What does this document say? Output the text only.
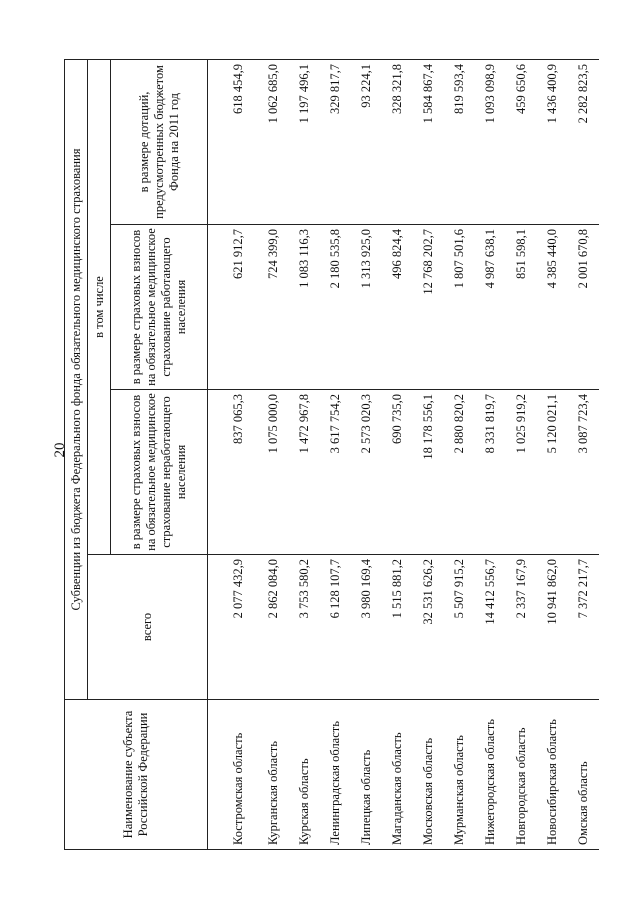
20
Наименование субъекта Российской Федерации	Субвенции из бюджета Федерального фонда обязательного медицинского страхования			
	всего	в том числе		
		в размере страховых взносов на обязательное медицинское страхование неработающего населения	в размере страховых взносов на обязательное медицинское страхование работающего населения	в размере дотаций, предусмотренных бюджетом Фонда на 2011 год
Костромская область	2 077 432,9	837 065,3	621 912,7	618 454,9
Курганская область	2 862 084,0	1 075 000,0	724 399,0	1 062 685,0
Курская область	3 753 580,2	1 472 967,8	1 083 116,3	1 197 496,1
Ленинградская область	6 128 107,7	3 617 754,2	2 180 535,8	329 817,7
Липецкая область	3 980 169,4	2 573 020,3	1 313 925,0	93 224,1
Магаданская область	1 515 881,2	690 735,0	496 824,4	328 321,8
Московская область	32 531 626,2	18 178 556,1	12 768 202,7	1 584 867,4
Мурманская область	5 507 915,2	2 880 820,2	1 807 501,6	819 593,4
Нижегородская область	14 412 556,7	8 331 819,7	4 987 638,1	1 093 098,9
Новгородская область	2 337 167,9	1 025 919,2	851 598,1	459 650,6
Новосибирская область	10 941 862,0	5 120 021,1	4 385 440,0	1 436 400,9
Омская область	7 372 217,7	3 087 723,4	2 001 670,8	2 282 823,5
